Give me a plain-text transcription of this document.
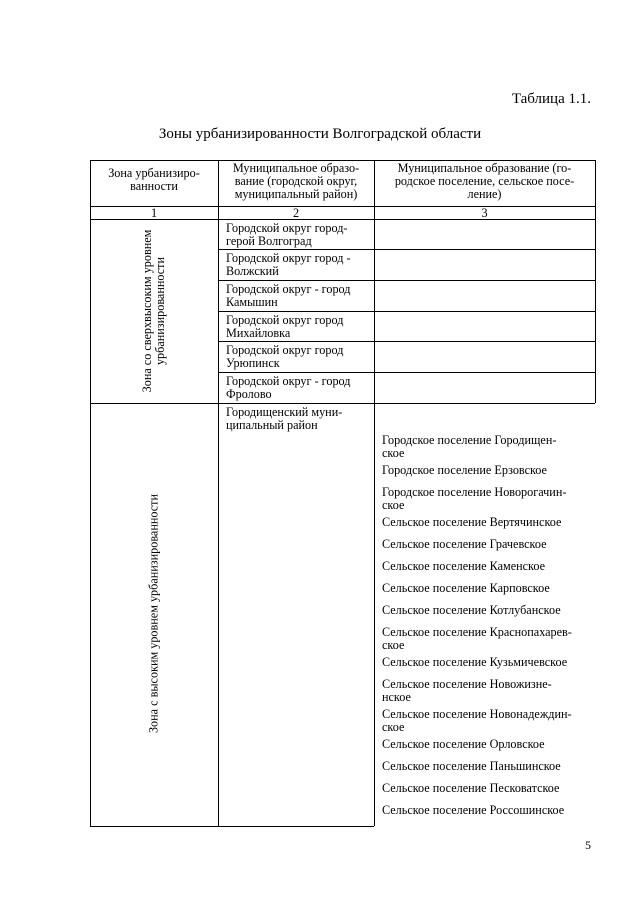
Таблица 1.1.
Зоны урбанизированности Волгоградской области
Зона урбанизиро-
ванности
Муниципальное образо-
вание (городской округ,
муниципальный район)
Муниципальное образование (го-
родское поселение, сельское посе-
ление)
1	2	3
Городской округ город-
герой Волгоград
Городской округ город -
Волжский
Городской округ - город
Камышин
Городской округ город
Михайловка
Городской округ город
Урюпинск
Городской округ - город
Фролово
Зона со сверхвысоким уровнем урбанизированности
Зона с высоким уровнем урбанизированности
Городищенский муни-
ципальный район
Городское поселение Городищен-
ское
Городское поселение Ерзовское
Городское поселение Новорогачин-
ское
Сельское поселение Вертячинское
Сельское поселение Грачевское
Сельское поселение Каменское
Сельское поселение Карповское
Сельское поселение Котлубанское
Сельское поселение Краснопахарев-
ское
Сельское поселение Кузьмичевское
Сельское поселение Новожизне-
нское
Сельское поселение Новонадеждин-
ское
Сельское поселение Орловское
Сельское поселение Паньшинское
Сельское поселение Песковатское
Сельское поселение Россошинское
5
